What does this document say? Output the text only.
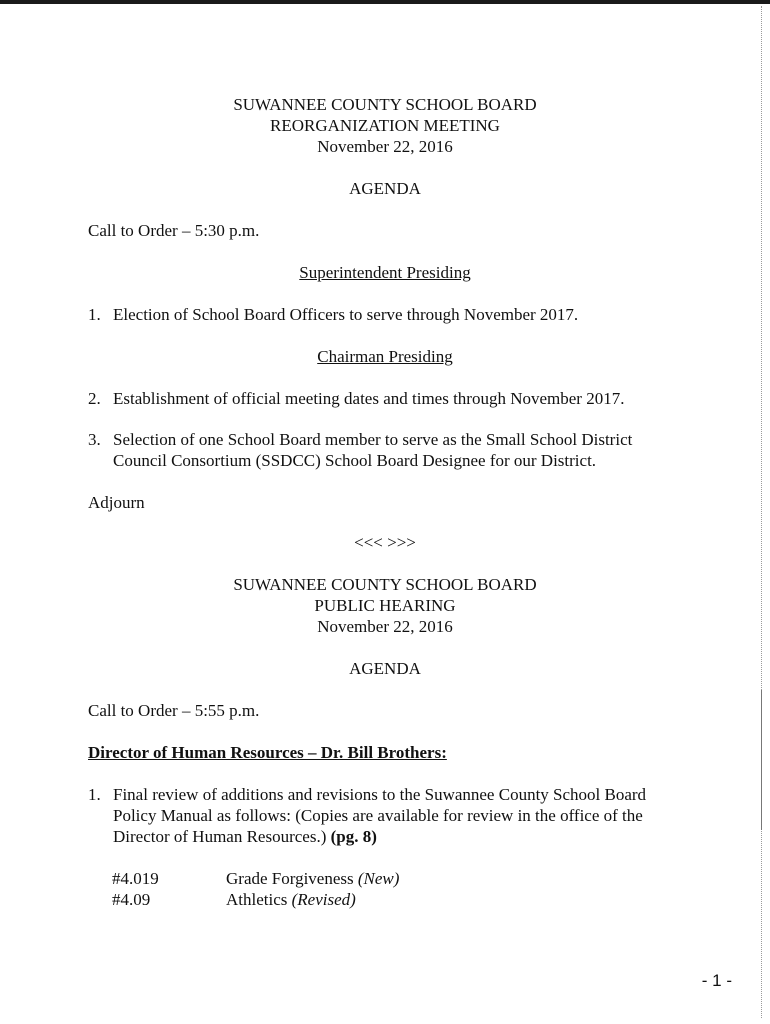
SUWANNEE COUNTY SCHOOL BOARD

REORGANIZATION MEETING

November 22, 2016

AGENDA

Call to Order – 5:30 p.m.

Superintendent Presiding

1. Election of School Board Officers to serve through November 2017.

Chairman Presiding

2. Establishment of official meeting dates and times through November 2017.
3. Selection of one School Board member to serve as the Small School District
Council Consortium (SSDCC) School Board Designee for our District.

Adjourn

<<< >>>

SUWANNEE COUNTY SCHOOL BOARD

PUBLIC HEARING

November 22, 2016

AGENDA

Call to Order – 5:55 p.m.

Director of Human Resources – Dr. Bill Brothers:

1. Final review of additions and revisions to the Suwannee County School Board
Policy Manual as follows: (Copies are available for review in the office of the
Director of Human Resources.) (pg. 8)
#4.019	Grade Forgiveness (New)
#4.09	Athletics (Revised)
- 1 -
